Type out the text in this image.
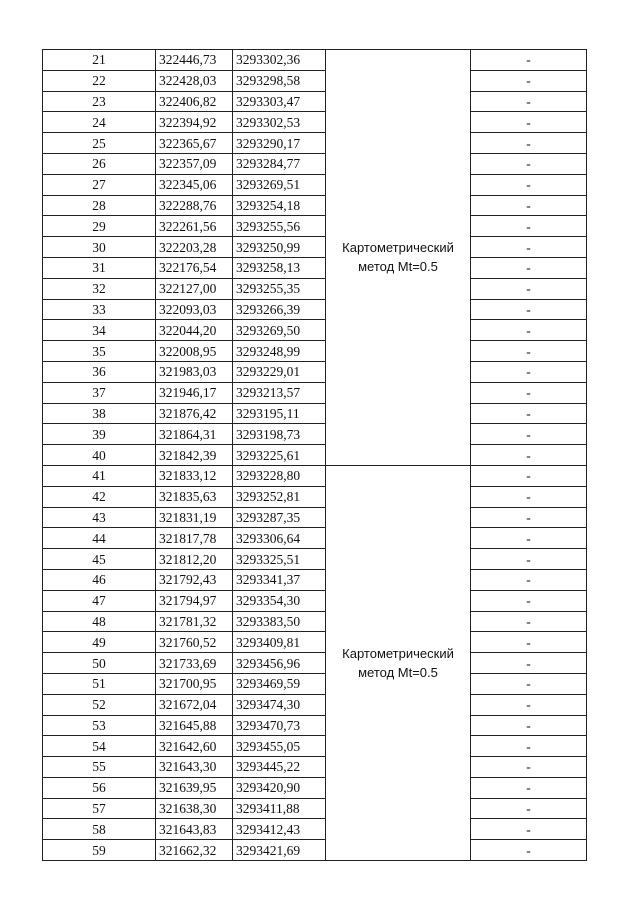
21	322446,73	3293302,36	Картометрический
метод Mt=0.5	-
22	322428,03	3293298,58		-
23	322406,82	3293303,47		-
24	322394,92	3293302,53		-
25	322365,67	3293290,17		-
26	322357,09	3293284,77		-
27	322345,06	3293269,51		-
28	322288,76	3293254,18		-
29	322261,56	3293255,56		-
30	322203,28	3293250,99		-
31	322176,54	3293258,13		-
32	322127,00	3293255,35		-
33	322093,03	3293266,39		-
34	322044,20	3293269,50		-
35	322008,95	3293248,99		-
36	321983,03	3293229,01		-
37	321946,17	3293213,57		-
38	321876,42	3293195,11		-
39	321864,31	3293198,73		-
40	321842,39	3293225,61		-
41	321833,12	3293228,80	Картометрический
метод Mt=0.5	-
42	321835,63	3293252,81		-
43	321831,19	3293287,35		-
44	321817,78	3293306,64		-
45	321812,20	3293325,51		-
46	321792,43	3293341,37		-
47	321794,97	3293354,30		-
48	321781,32	3293383,50		-
49	321760,52	3293409,81		-
50	321733,69	3293456,96		-
51	321700,95	3293469,59		-
52	321672,04	3293474,30		-
53	321645,88	3293470,73		-
54	321642,60	3293455,05		-
55	321643,30	3293445,22		-
56	321639,95	3293420,90		-
57	321638,30	3293411,88		-
58	321643,83	3293412,43		-
59	321662,32	3293421,69		-
